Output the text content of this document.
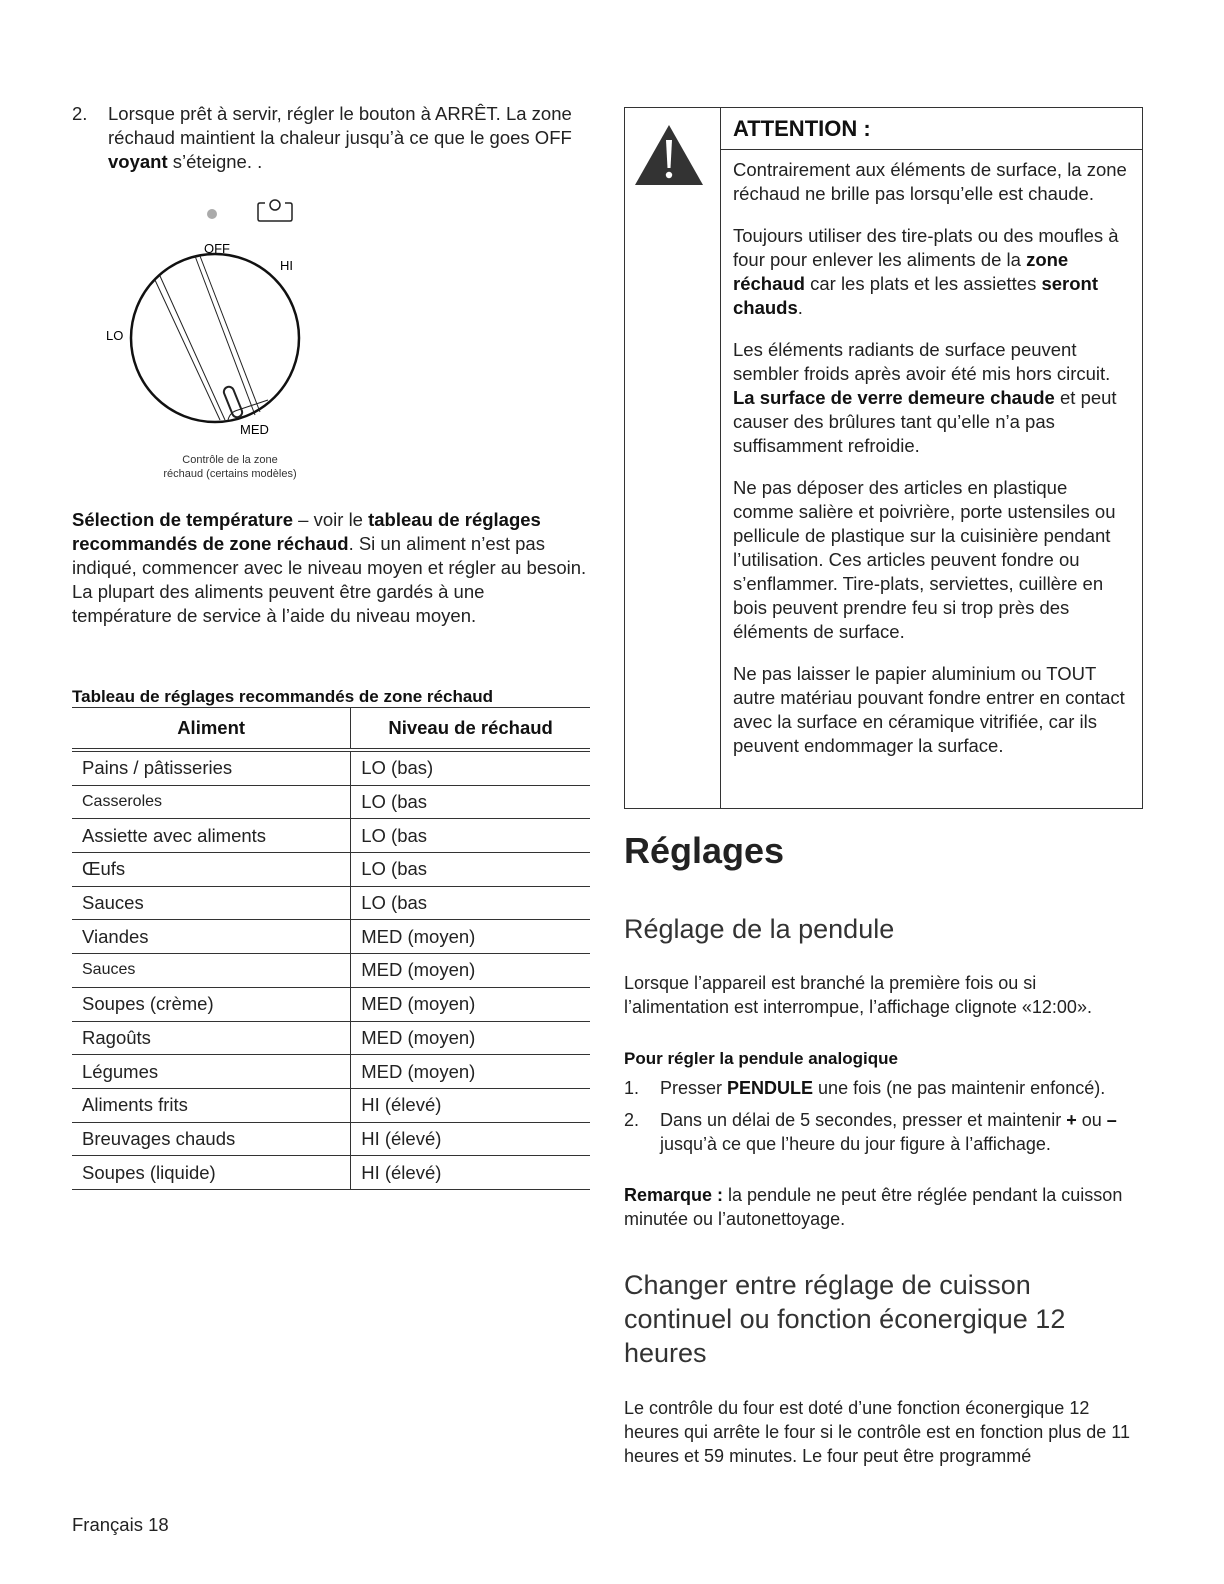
2. Lorsque prêt à servir, régler le bouton à ARRÊT. La zone réchaud maintient la chaleur jusqu’à ce que le goes OFF voyant s’éteigne. .
OFF
HI
LO
MED
Contrôle de la zone
réchaud (certains modèles)

Sélection de température – voir le tableau de réglages recommandés de zone réchaud. Si un aliment n’est pas indiqué, commencer avec le niveau moyen et régler au besoin. La plupart des aliments peuvent être gardés à une température de service à l’aide du niveau moyen.

Tableau de réglages recommandés de zone réchaud
Aliment	Niveau de réchaud
Pains / pâtisseries	LO (bas)
Casseroles	LO (bas
Assiette avec aliments	LO (bas
Œufs	LO (bas
Sauces	LO (bas
Viandes	MED (moyen)
Sauces	MED (moyen)
Soupes (crème)	MED (moyen)
Ragoûts	MED (moyen)
Légumes	MED (moyen)
Aliments frits	HI (élevé)
Breuvages chauds	HI (élevé)
Soupes (liquide)	HI (élevé)
ATTENTION :

Contrairement aux éléments de surface, la zone réchaud ne brille pas lorsqu’elle est chaude.

Toujours utiliser des tire-plats ou des moufles à four pour enlever les aliments de la zone réchaud car les plats et les assiettes seront chauds.

Les éléments radiants de surface peuvent sembler froids après avoir été mis hors circuit. La surface de verre demeure chaude et peut causer des brûlures tant qu’elle n’a pas suffisamment refroidie.

Ne pas déposer des articles en plastique comme salière et poivrière, porte ustensiles ou pellicule de plastique sur la cuisinière pendant l’utilisation. Ces articles peuvent fondre ou s’enflammer. Tire-plats, serviettes, cuillère en bois peuvent prendre feu si trop près des éléments de surface.

Ne pas laisser le papier aluminium ou TOUT autre matériau pouvant fondre entrer en contact avec la surface en céramique vitrifiée, car ils peuvent endommager la surface.

Réglages
Réglage de la pendule

Lorsque l’appareil est branché la première fois ou si l’alimentation est interrompue, l’affichage clignote «12:00».

Pour régler la pendule analogique
1. Presser PENDULE une fois (ne pas maintenir enfoncé).
2. Dans un délai de 5 secondes, presser et maintenir + ou – jusqu’à ce que l’heure du jour figure à l’affichage.

Remarque : la pendule ne peut être réglée pendant la cuisson minutée ou l’autonettoyage.

Changer entre réglage de cuisson continuel ou fonction éconergique 12 heures

Le contrôle du four est doté d’une fonction éconergique 12 heures qui arrête le four si le contrôle est en fonction plus de 11 heures et 59 minutes. Le four peut être programmé

Français 18
